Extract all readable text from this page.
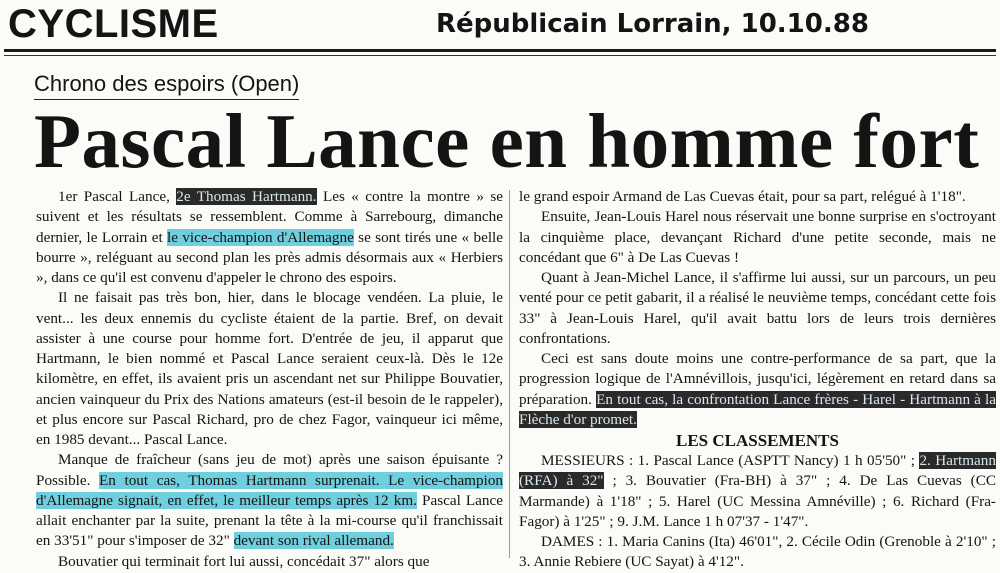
CYCLISME	Républicain Lorrain, 10.10.88
Chrono des espoirs (Open)
Pascal Lance en homme fort

1er Pascal Lance, 2e Thomas Hartmann. Les « contre la montre » se suivent et les résultats se ressemblent. Comme à Sarrebourg, dimanche dernier, le Lorrain et le vice-champion d'Allemagne se sont tirés une « belle bourre », reléguant au second plan les près admis désormais aux « Herbiers », dans ce qu'il est convenu d'appeler le chrono des espoirs.

Il ne faisait pas très bon, hier, dans le blocage vendéen. La pluie, le vent... les deux ennemis du cycliste étaient de la partie. Bref, on devait assister à une course pour homme fort. D'entrée de jeu, il apparut que Hartmann, le bien nommé et Pascal Lance seraient ceux-là. Dès le 12e kilomètre, en effet, ils avaient pris un ascendant net sur Philippe Bouvatier, ancien vainqueur du Prix des Nations amateurs (est-il besoin de le rappeler), et plus encore sur Pascal Richard, pro de chez Fagor, vainqueur ici même, en 1985 devant... Pascal Lance.

Manque de fraîcheur (sans jeu de mot) après une saison épuisante ? Possible. En tout cas, Thomas Hartmann surprenait. Le vice-champion d'Allemagne signait, en effet, le meilleur temps après 12 km. Pascal Lance allait enchanter par la suite, prenant la tête à la mi-course qu'il franchissait en 33'51" pour s'imposer de 32" devant son rival allemand.

Bouvatier qui terminait fort lui aussi, concédait 37" alors que

le grand espoir Armand de Las Cuevas était, pour sa part, relégué à 1'18".

Ensuite, Jean-Louis Harel nous réservait une bonne surprise en s'octroyant la cinquième place, devançant Richard d'une petite seconde, mais ne concédant que 6" à De Las Cuevas !

Quant à Jean-Michel Lance, il s'affirme lui aussi, sur un parcours, un peu venté pour ce petit gabarit, il a réalisé le neuvième temps, concédant cette fois 33" à Jean-Louis Harel, qu'il avait battu lors de leurs trois dernières confrontations.

Ceci est sans doute moins une contre-performance de sa part, que la progression logique de l'Amnévillois, jusqu'ici, légèrement en retard dans sa préparation. En tout cas, la confrontation Lance frères - Harel - Hartmann à la Flèche d'or promet.

LES CLASSEMENTS

MESSIEURS : 1. Pascal Lance (ASPTT Nancy) 1 h 05'50" ; 2. Hartmann (RFA) à 32" ; 3. Bouvatier (Fra-BH) à 37" ; 4. De Las Cuevas (CC Marmande) à 1'18" ; 5. Harel (UC Messina Amnéville) ; 6. Richard (Fra-Fagor) à 1'25" ; 9. J.M. Lance 1 h 07'37 - 1'47".

DAMES : 1. Maria Canins (Ita) 46'01", 2. Cécile Odin (Grenoble à 2'10" ; 3. Annie Rebiere (UC Sayat) à 4'12".
